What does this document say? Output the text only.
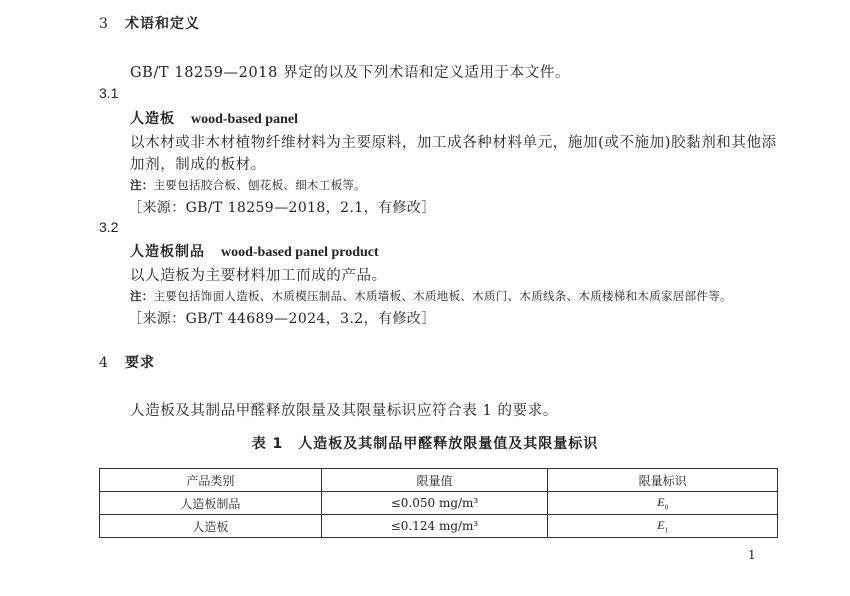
3 术语和定义
GB/T 18259—2018 界定的以及下列术语和定义适用于本文件。
3.1
人造板 wood-based panel
以木材或非木材植物纤维材料为主要原料，加工成各种材料单元，施加(或不施加)胶黏剂和其他添
加剂，制成的板材。
注：主要包括胶合板、刨花板、细木工板等。
［来源：GB/T 18259—2018，2.1，有修改］
3.2
人造板制品 wood-based panel product
以人造板为主要材料加工而成的产品。
注：主要包括饰面人造板、木质模压制品、木质墙板、木质地板、木质门、木质线条、木质楼梯和木质家居部件等。
［来源：GB/T 44689—2024，3.2，有修改］
4 要求
人造板及其制品甲醛释放限量及其限量标识应符合表 1 的要求。
表 1　人造板及其制品甲醛释放限量值及其限量标识
产品类别	限量值	限量标识
人造板制品	≤0.050 mg/m³	$E_0$
人造板	≤0.124 mg/m³	$E_1$
1
